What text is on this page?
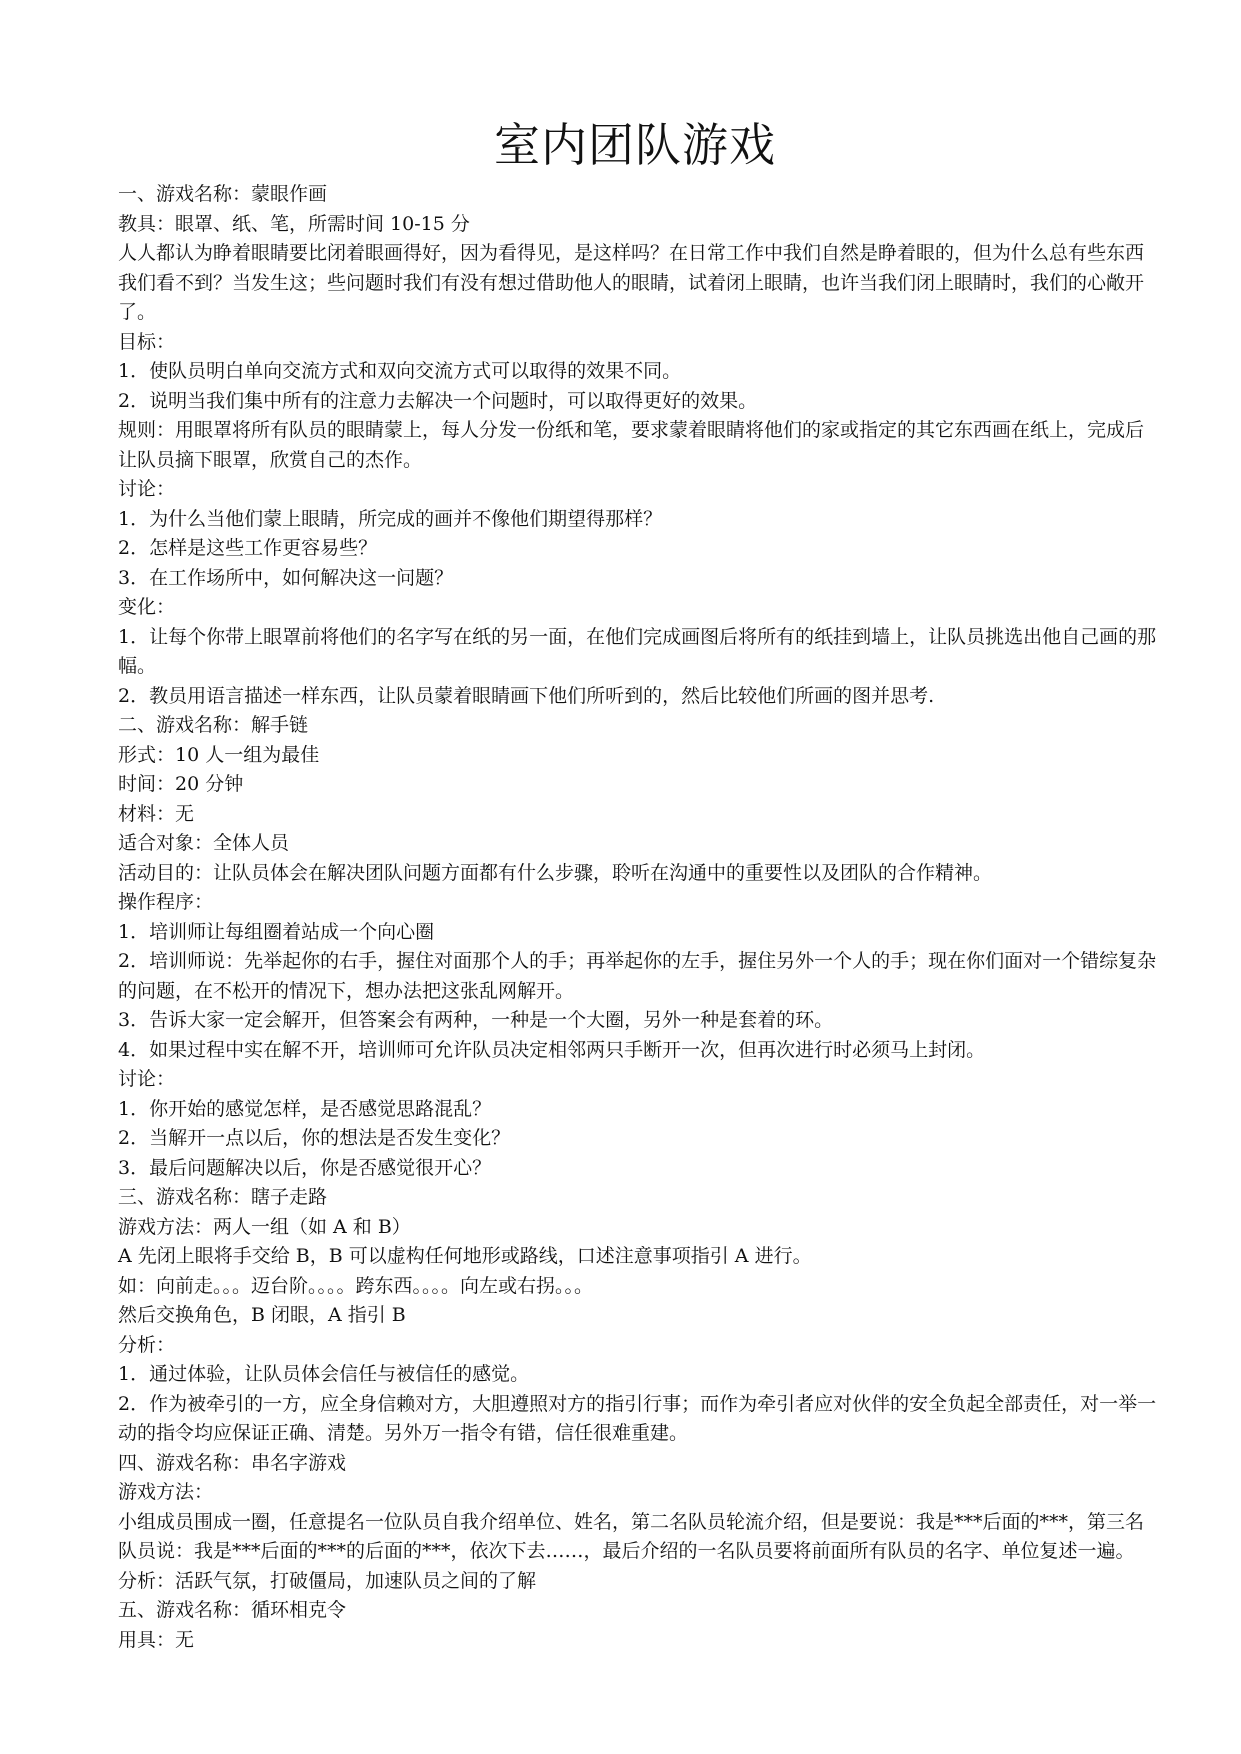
室内团队游戏

一、游戏名称：蒙眼作画

教具：眼罩、纸、笔，所需时间 10-15 分

人人都认为睁着眼睛要比闭着眼画得好，因为看得见，是这样吗？在日常工作中我们自然是睁着眼的，但为什么总有些东西我们看不到？当发生这；些问题时我们有没有想过借助他人的眼睛，试着闭上眼睛，也许当我们闭上眼睛时，我们的心敞开了。

目标：

1．使队员明白单向交流方式和双向交流方式可以取得的效果不同。

2．说明当我们集中所有的注意力去解决一个问题时，可以取得更好的效果。

规则：用眼罩将所有队员的眼睛蒙上，每人分发一份纸和笔，要求蒙着眼睛将他们的家或指定的其它东西画在纸上，完成后让队员摘下眼罩，欣赏自己的杰作。

讨论：

1．为什么当他们蒙上眼睛，所完成的画并不像他们期望得那样？

2．怎样是这些工作更容易些？

3．在工作场所中，如何解决这一问题？

变化：

1．让每个你带上眼罩前将他们的名字写在纸的另一面，在他们完成画图后将所有的纸挂到墙上，让队员挑选出他自己画的那幅。

2．教员用语言描述一样东西，让队员蒙着眼睛画下他们所听到的，然后比较他们所画的图并思考.

二、游戏名称：解手链

形式：10 人一组为最佳

时间：20 分钟

材料：无

适合对象：全体人员

活动目的：让队员体会在解决团队问题方面都有什么步骤，聆听在沟通中的重要性以及团队的合作精神。

操作程序：

1．培训师让每组圈着站成一个向心圈

2．培训师说：先举起你的右手，握住对面那个人的手；再举起你的左手，握住另外一个人的手；现在你们面对一个错综复杂的问题，在不松开的情况下，想办法把这张乱网解开。

3．告诉大家一定会解开，但答案会有两种，一种是一个大圈，另外一种是套着的环。

4．如果过程中实在解不开，培训师可允许队员决定相邻两只手断开一次，但再次进行时必须马上封闭。

讨论：

1．你开始的感觉怎样，是否感觉思路混乱？

2．当解开一点以后，你的想法是否发生变化？

3．最后问题解决以后，你是否感觉很开心？

三、游戏名称：瞎子走路

游戏方法：两人一组（如 A 和 B）

A 先闭上眼将手交给 B，B 可以虚构任何地形或路线，口述注意事项指引 A 进行。

如：向前走。。。迈台阶。。。。跨东西。。。。向左或右拐。。。

然后交换角色，B 闭眼，A 指引 B

分析：

1．通过体验，让队员体会信任与被信任的感觉。

2．作为被牵引的一方，应全身信赖对方，大胆遵照对方的指引行事；而作为牵引者应对伙伴的安全负起全部责任，对一举一动的指令均应保证正确、清楚。另外万一指令有错，信任很难重建。

四、游戏名称：串名字游戏

游戏方法：

小组成员围成一圈，任意提名一位队员自我介绍单位、姓名，第二名队员轮流介绍，但是要说：我是***后面的***，第三名队员说：我是***后面的***的后面的***，依次下去……，最后介绍的一名队员要将前面所有队员的名字、单位复述一遍。

分析：活跃气氛，打破僵局，加速队员之间的了解

五、游戏名称：循环相克令

用具：无
